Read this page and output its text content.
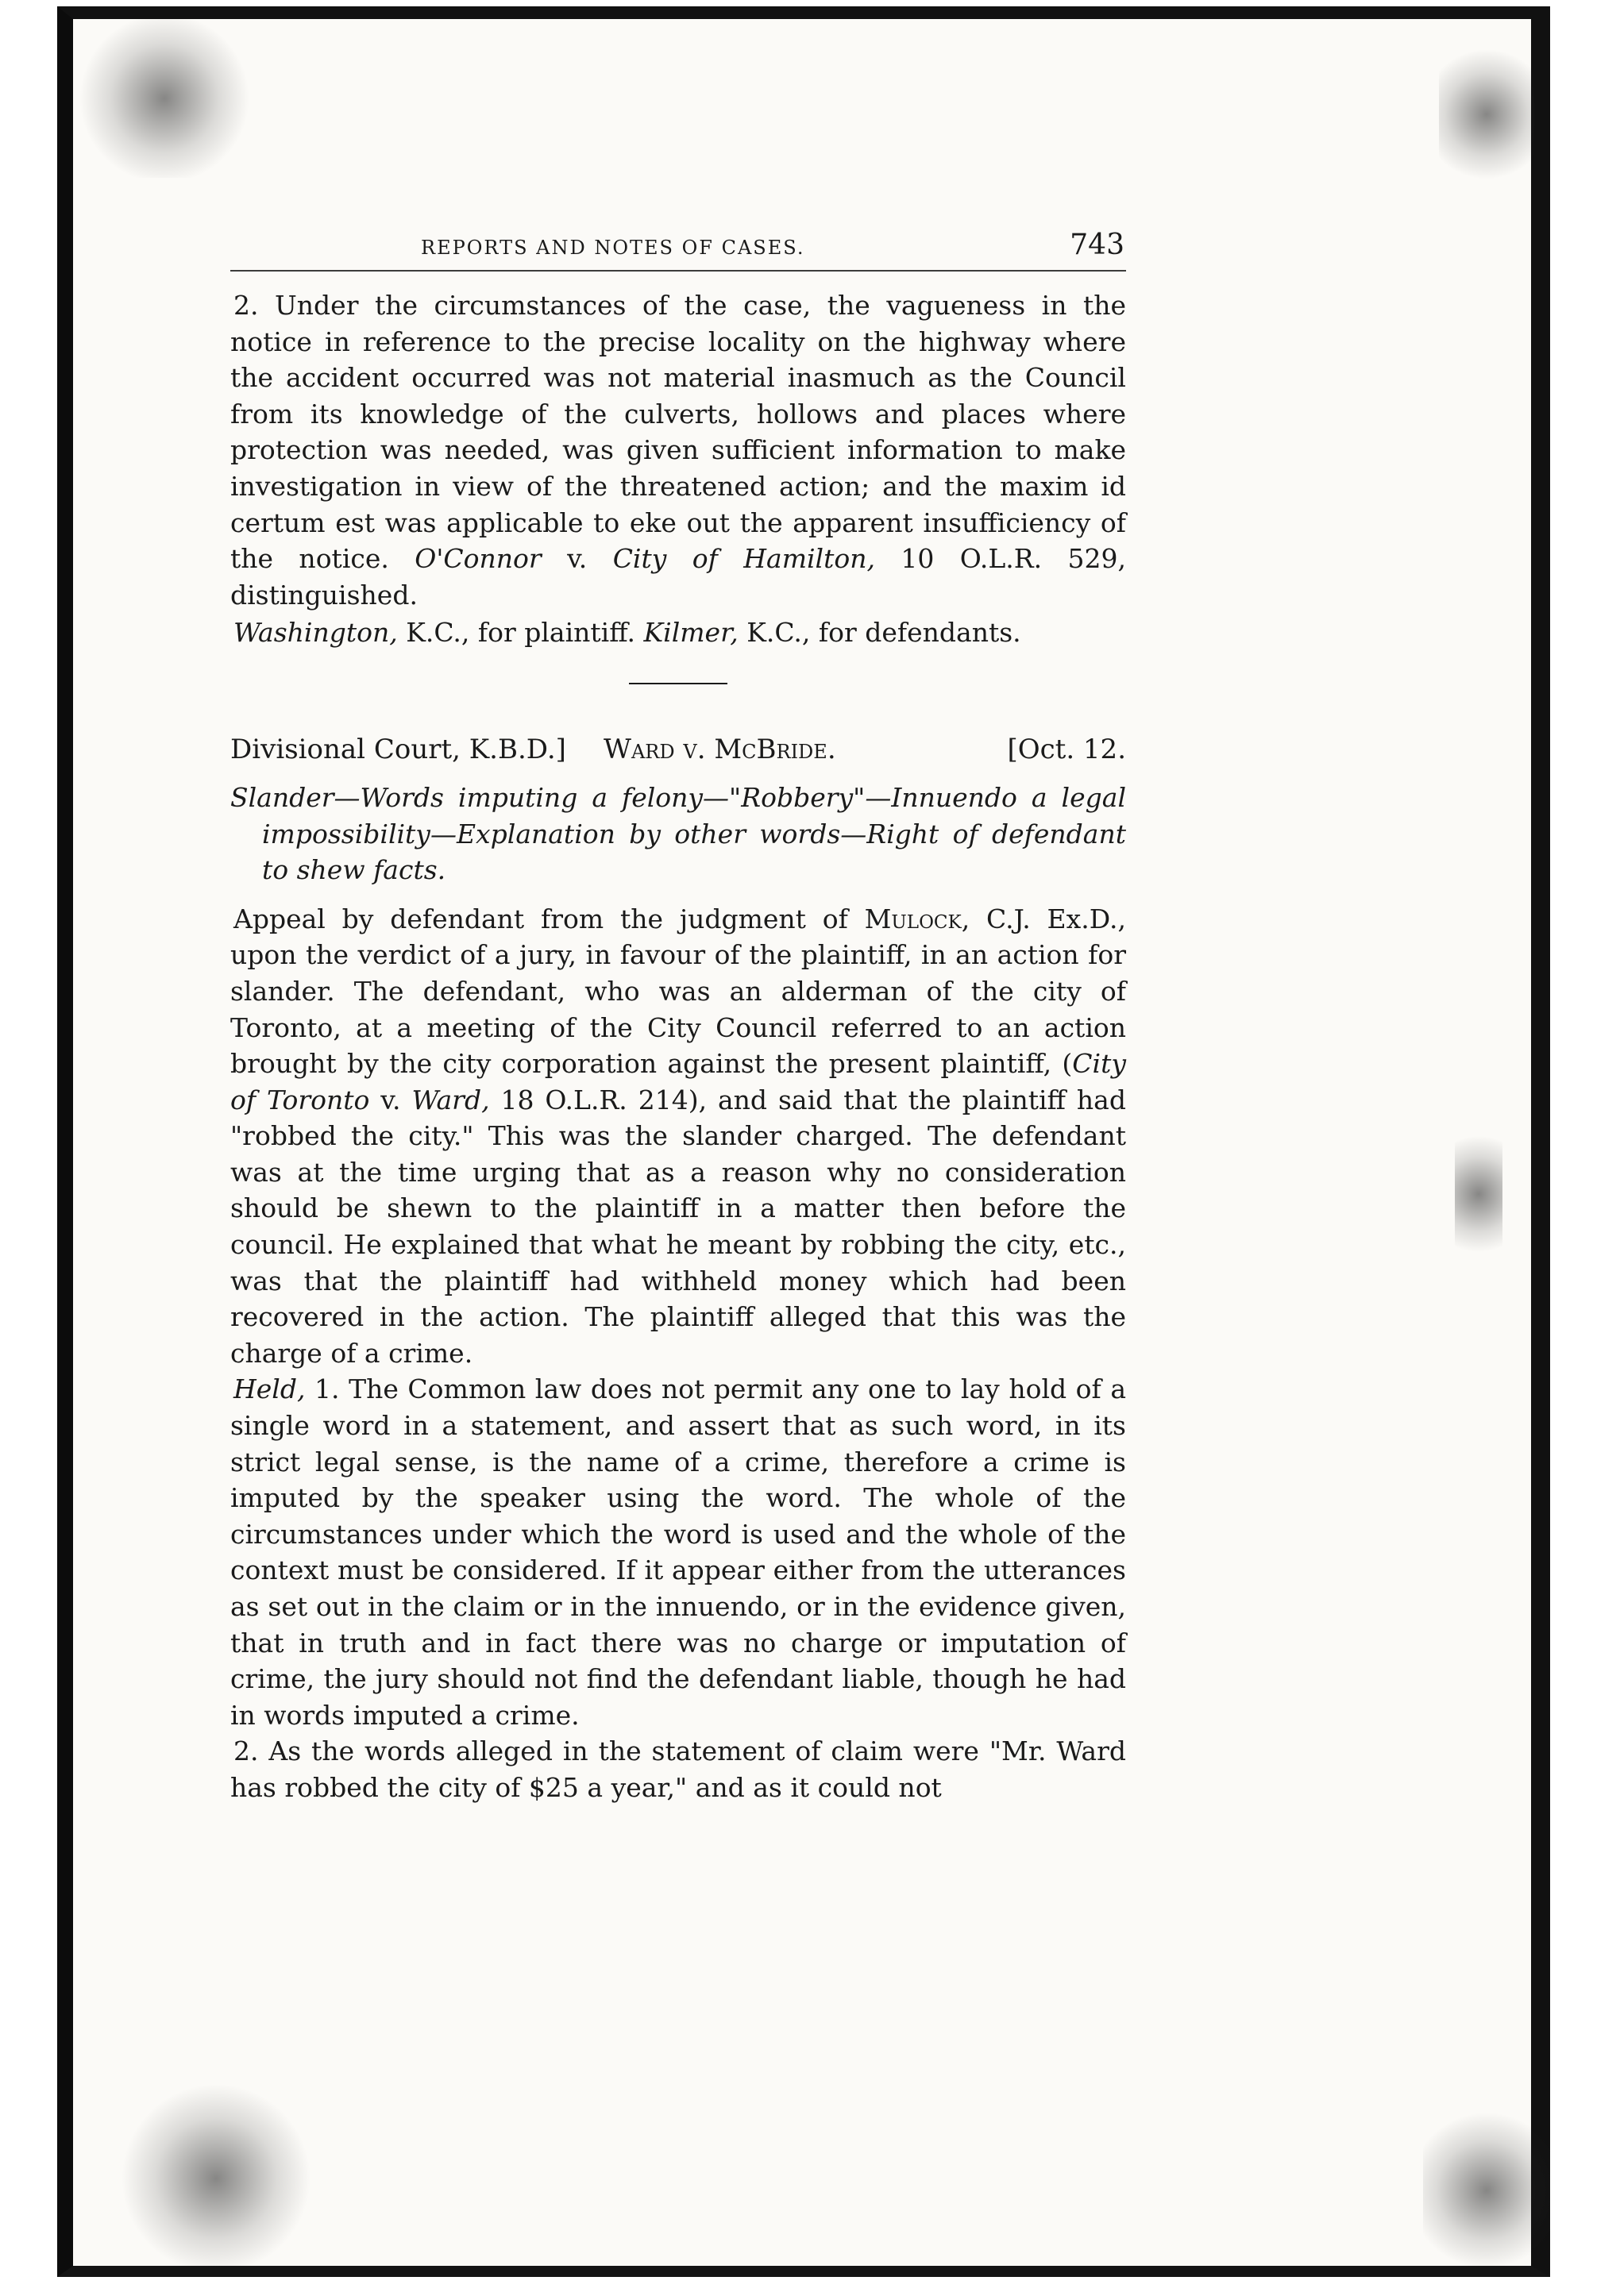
REPORTS AND NOTES OF CASES.	743

2. Under the circumstances of the case, the vagueness in the notice in reference to the precise locality on the highway where the accident occurred was not material inasmuch as the Council from its knowledge of the culverts, hollows and places where protection was needed, was given sufficient information to make investigation in view of the threatened action; and the maxim id certum est was applicable to eke out the apparent insufficiency of the notice. O'Connor v. City of Hamilton, 10 O.L.R. 529, distinguished.

Washington, K.C., for plaintiff. Kilmer, K.C., for defendants.

Divisional Court, K.B.D.] Ward v. McBride.	[Oct. 12.

Slander—Words imputing a felony—"Robbery"—Innuendo a legal impossibility—Explanation by other words—Right of defendant to shew facts.

Appeal by defendant from the judgment of Mulock, C.J. Ex.D., upon the verdict of a jury, in favour of the plaintiff, in an action for slander. The defendant, who was an alderman of the city of Toronto, at a meeting of the City Council referred to an action brought by the city corporation against the present plaintiff, (City of Toronto v. Ward, 18 O.L.R. 214), and said that the plaintiff had "robbed the city." This was the slander charged. The defendant was at the time urging that as a reason why no consideration should be shewn to the plaintiff in a matter then before the council. He explained that what he meant by robbing the city, etc., was that the plaintiff had withheld money which had been recovered in the action. The plaintiff alleged that this was the charge of a crime.

Held, 1. The Common law does not permit any one to lay hold of a single word in a statement, and assert that as such word, in its strict legal sense, is the name of a crime, therefore a crime is imputed by the speaker using the word. The whole of the circumstances under which the word is used and the whole of the context must be considered. If it appear either from the utterances as set out in the claim or in the innuendo, or in the evidence given, that in truth and in fact there was no charge or imputation of crime, the jury should not find the defendant liable, though he had in words imputed a crime.

2. As the words alleged in the statement of claim were "Mr. Ward has robbed the city of $25 a year," and as it could not
